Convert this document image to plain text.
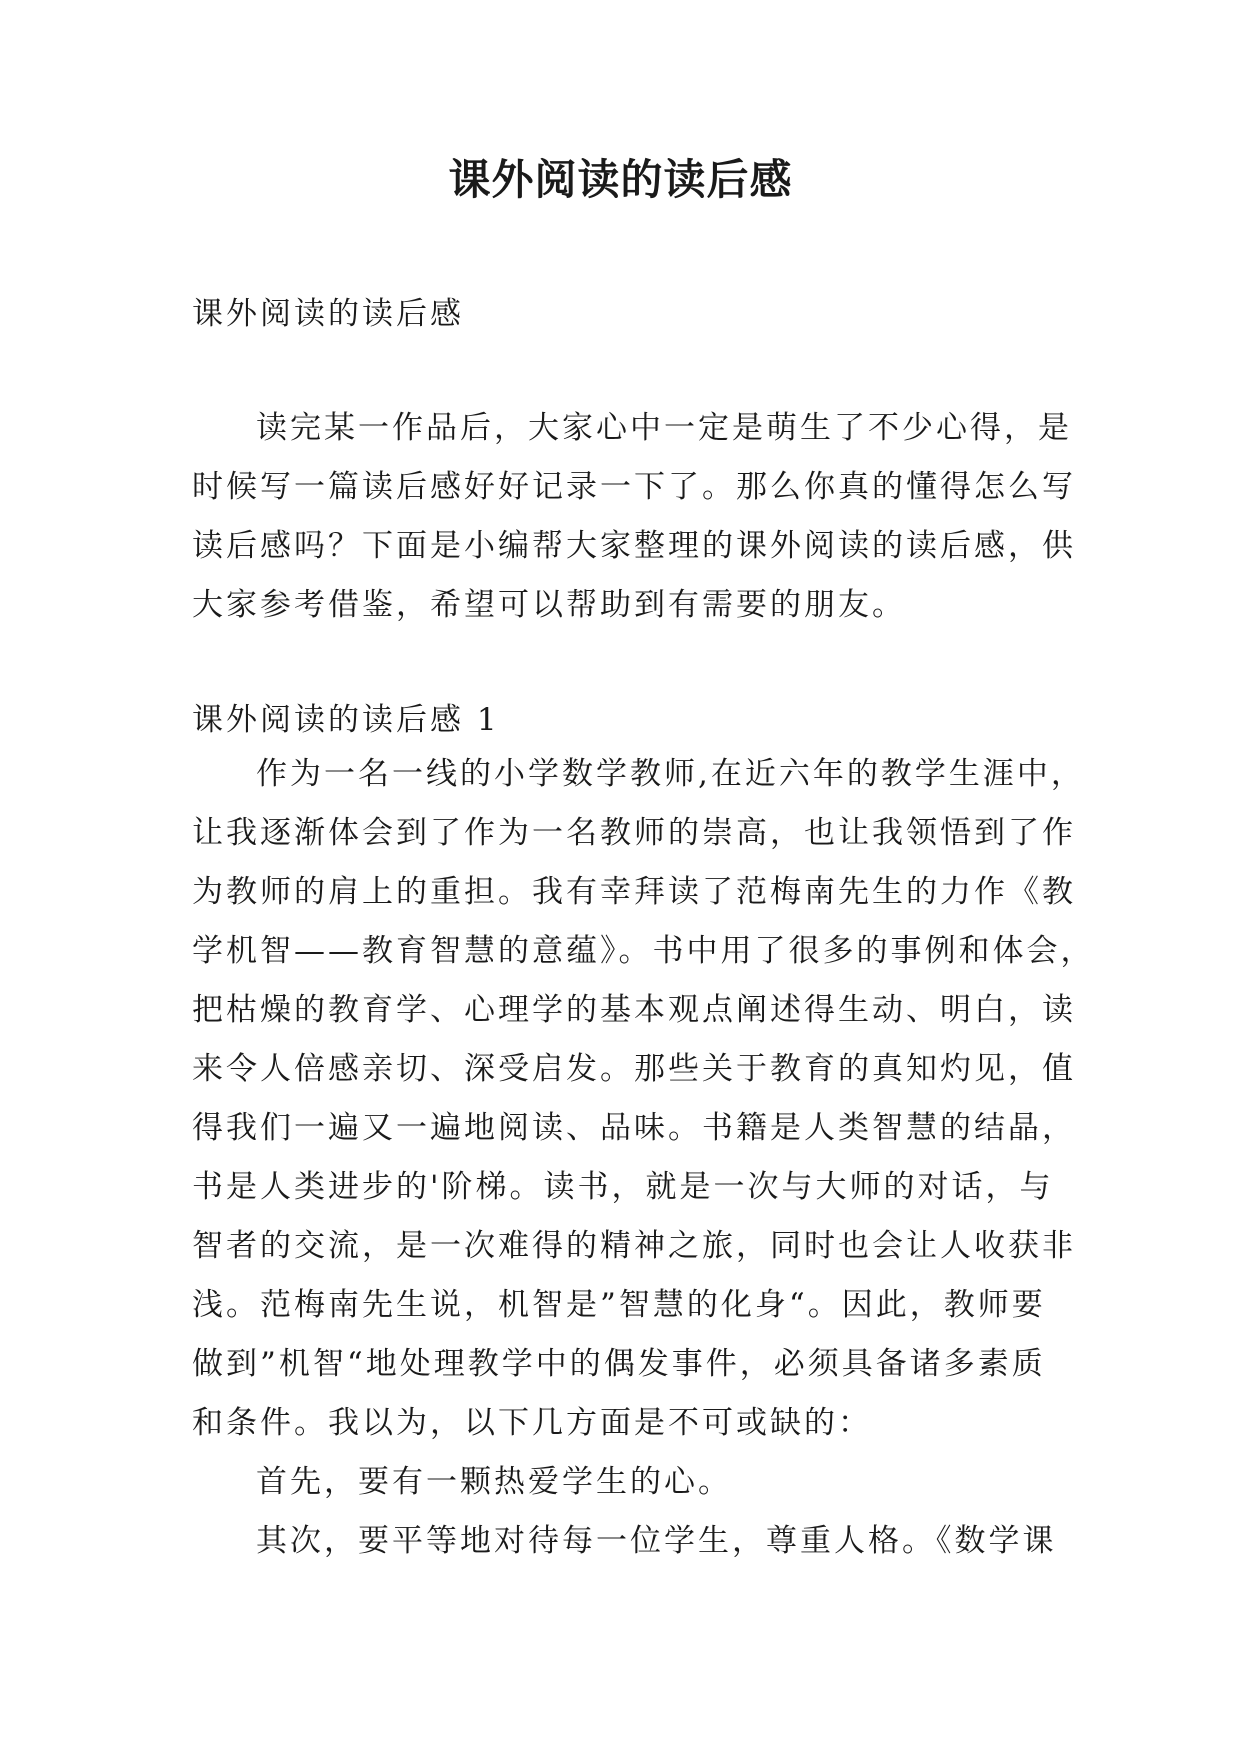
课外阅读的读后感
课外阅读的读后感
读完某一作品后，大家心中一定是萌生了不少心得，是
时候写一篇读后感好好记录一下了。那么你真的懂得怎么写
读后感吗？下面是小编帮大家整理的课外阅读的读后感，供
大家参考借鉴，希望可以帮助到有需要的朋友。
课外阅读的读后感 1
作为一名一线的小学数学教师,在近六年的教学生涯中，
让我逐渐体会到了作为一名教师的崇高，也让我领悟到了作
为教师的肩上的重担。我有幸拜读了范梅南先生的力作《教
学机智——教育智慧的意蕴》。书中用了很多的事例和体会，
把枯燥的教育学、心理学的基本观点阐述得生动、明白，读
来令人倍感亲切、深受启发。那些关于教育的真知灼见，值
得我们一遍又一遍地阅读、品味。书籍是人类智慧的结晶，
书是人类进步的'阶梯。读书，就是一次与大师的对话，与
智者的交流，是一次难得的精神之旅，同时也会让人收获非
浅。范梅南先生说，机智是”智慧的化身“。因此，教师要
做到”机智“地处理教学中的偶发事件，必须具备诸多素质
和条件。我以为，以下几方面是不可或缺的：
首先，要有一颗热爱学生的心。
其次，要平等地对待每一位学生，尊重人格。《数学课
